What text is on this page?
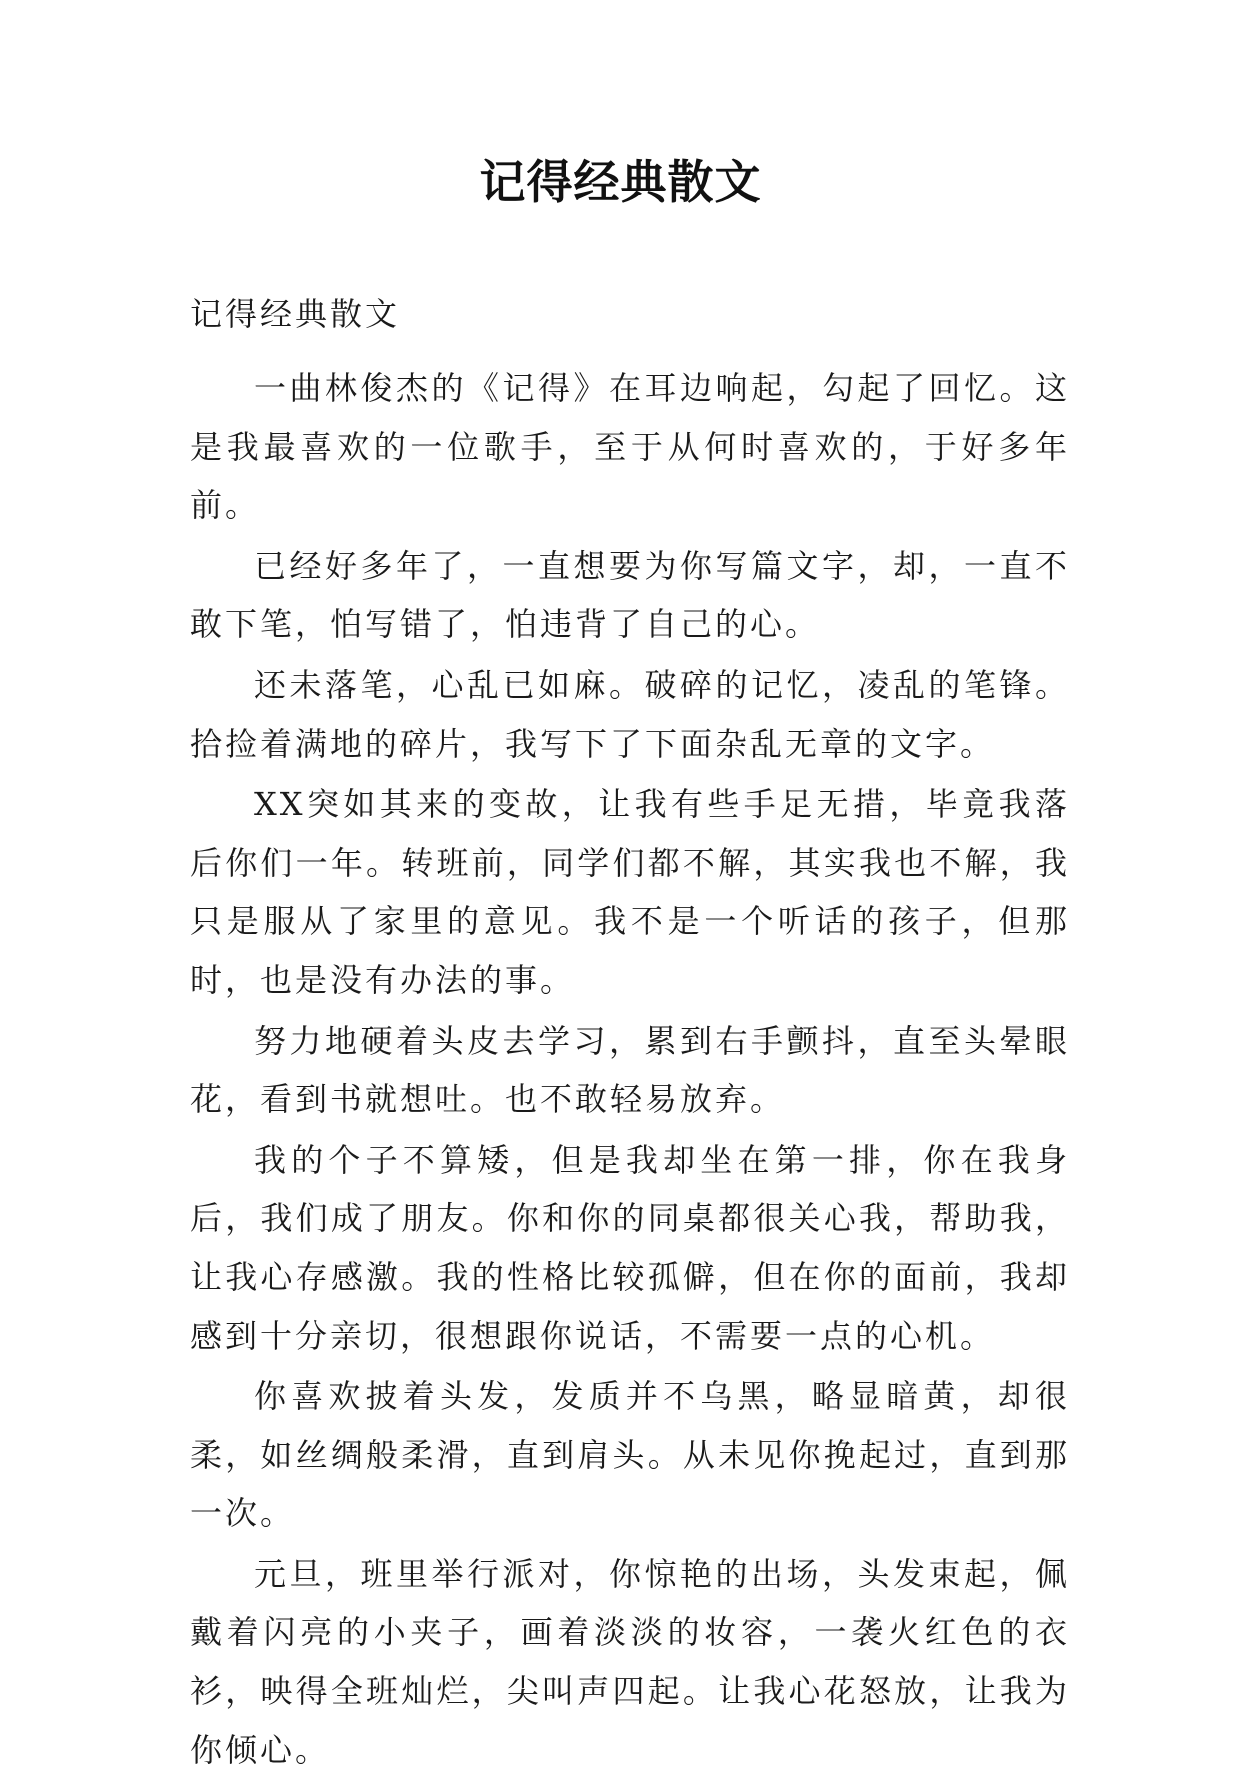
记得经典散文

记得经典散文

一曲林俊杰的《记得》在耳边响起，勾起了回忆。这是我最喜欢的一位歌手，至于从何时喜欢的，于好多年前。

已经好多年了，一直想要为你写篇文字，却，一直不敢下笔，怕写错了，怕违背了自己的心。

还未落笔，心乱已如麻。破碎的记忆，凌乱的笔锋。拾捡着满地的碎片，我写下了下面杂乱无章的文字。

XX突如其来的变故，让我有些手足无措，毕竟我落后你们一年。转班前，同学们都不解，其实我也不解，我只是服从了家里的意见。我不是一个听话的孩子，但那时，也是没有办法的事。

努力地硬着头皮去学习，累到右手颤抖，直至头晕眼花，看到书就想吐。也不敢轻易放弃。

我的个子不算矮，但是我却坐在第一排，你在我身后，我们成了朋友。你和你的同桌都很关心我，帮助我，让我心存感激。我的性格比较孤僻，但在你的面前，我却感到十分亲切，很想跟你说话，不需要一点的心机。

你喜欢披着头发，发质并不乌黑，略显暗黄，却很柔，如丝绸般柔滑，直到肩头。从未见你挽起过，直到那一次。

元旦，班里举行派对，你惊艳的出场，头发束起，佩戴着闪亮的小夹子，画着淡淡的妆容，一袭火红色的衣衫，映得全班灿烂，尖叫声四起。让我心花怒放，让我为你倾心。
